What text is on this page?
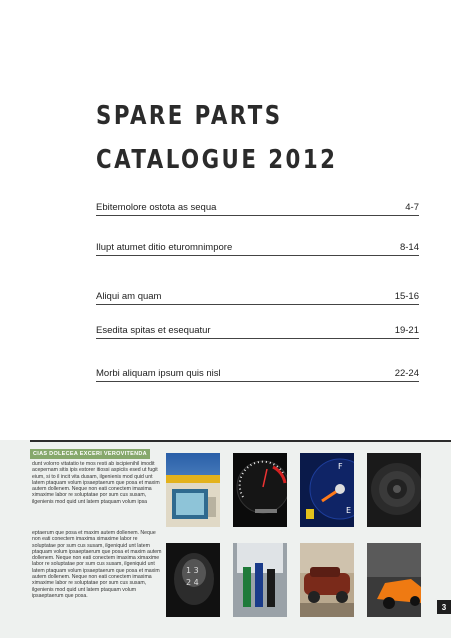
SPARE PARTS
CATALOGUE 2012
Ebitemolore ostota as sequa	4-7
Ilupt atumet ditio eturomnimpore	8-14
Aliqui am quam	15-16
Esedita spitas et esequatur	19-21
Morbi aliquam ipsum quis nisl	22-24
CIAS DOLECEA EXCERI VEROVITENDA

dunt volorro vitatatio te mos resti ab iscipienihil imodit acepernam sitis ipis estorer itiossi aspiciis esed ut fugit eium, si to il incit vita dusam, ilgenienis mod quid unt latem ptaquam volum ipsaeptaerum que posa et maxim autem dollenem. Neque non eati conectem imaxima ximaxime labor re soluptatae por sum cus susam, ilgenienis mod quid unt latem ptaquam volum ipsa

eptaerum que posa et maxim autem dollenem. Neque non eati conectem imaxima ximaxime labor re soluptatae por sum cus susam, ilgeniquid unt latem ptaquam volum ipsaeptaerum que posa et maxim autem dollenem. Neque non eati conectem imaxima ximaxime labor re soluptatae por sum cus susam, ilgeniquid unt latem ptaquam volum ipsaeptaerum que posa et maxim autem dollenem. Neque non eati conectem imaxima ximaxime labor re soluptatae por sum cus susam, ilgenienis mod quid unt latem ptaquam volum ipsaeptaerum que posa.

F
E
1 3
2 4
3
